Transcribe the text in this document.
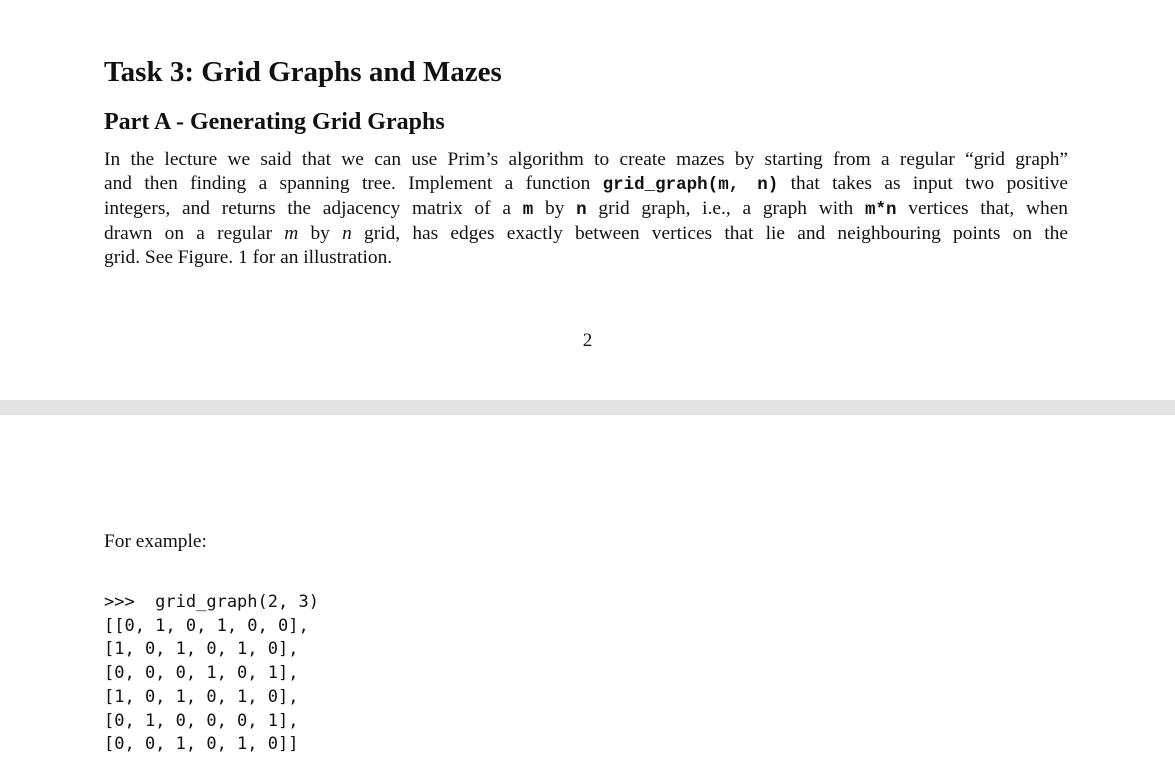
Task 3: Grid Graphs and Mazes
Part A - Generating Grid Graphs

In the lecture we said that we can use Prim’s algorithm to create mazes by starting from a regular “grid graph”
and then finding a spanning tree. Implement a function grid_graph(m, n) that takes as input two positive
integers, and returns the adjacency matrix of a m by n grid graph, i.e., a graph with m*n vertices that, when
drawn on a regular m by n grid, has edges exactly between vertices that lie and neighbouring points on the
grid. See Figure. 1 for an illustration.

2

For example:

>>>  grid_graph(2, 3)
[[0, 1, 0, 1, 0, 0],
[1, 0, 1, 0, 1, 0],
[0, 0, 0, 1, 0, 1],
[1, 0, 1, 0, 1, 0],
[0, 1, 0, 0, 0, 1],
[0, 0, 1, 0, 1, 0]]
